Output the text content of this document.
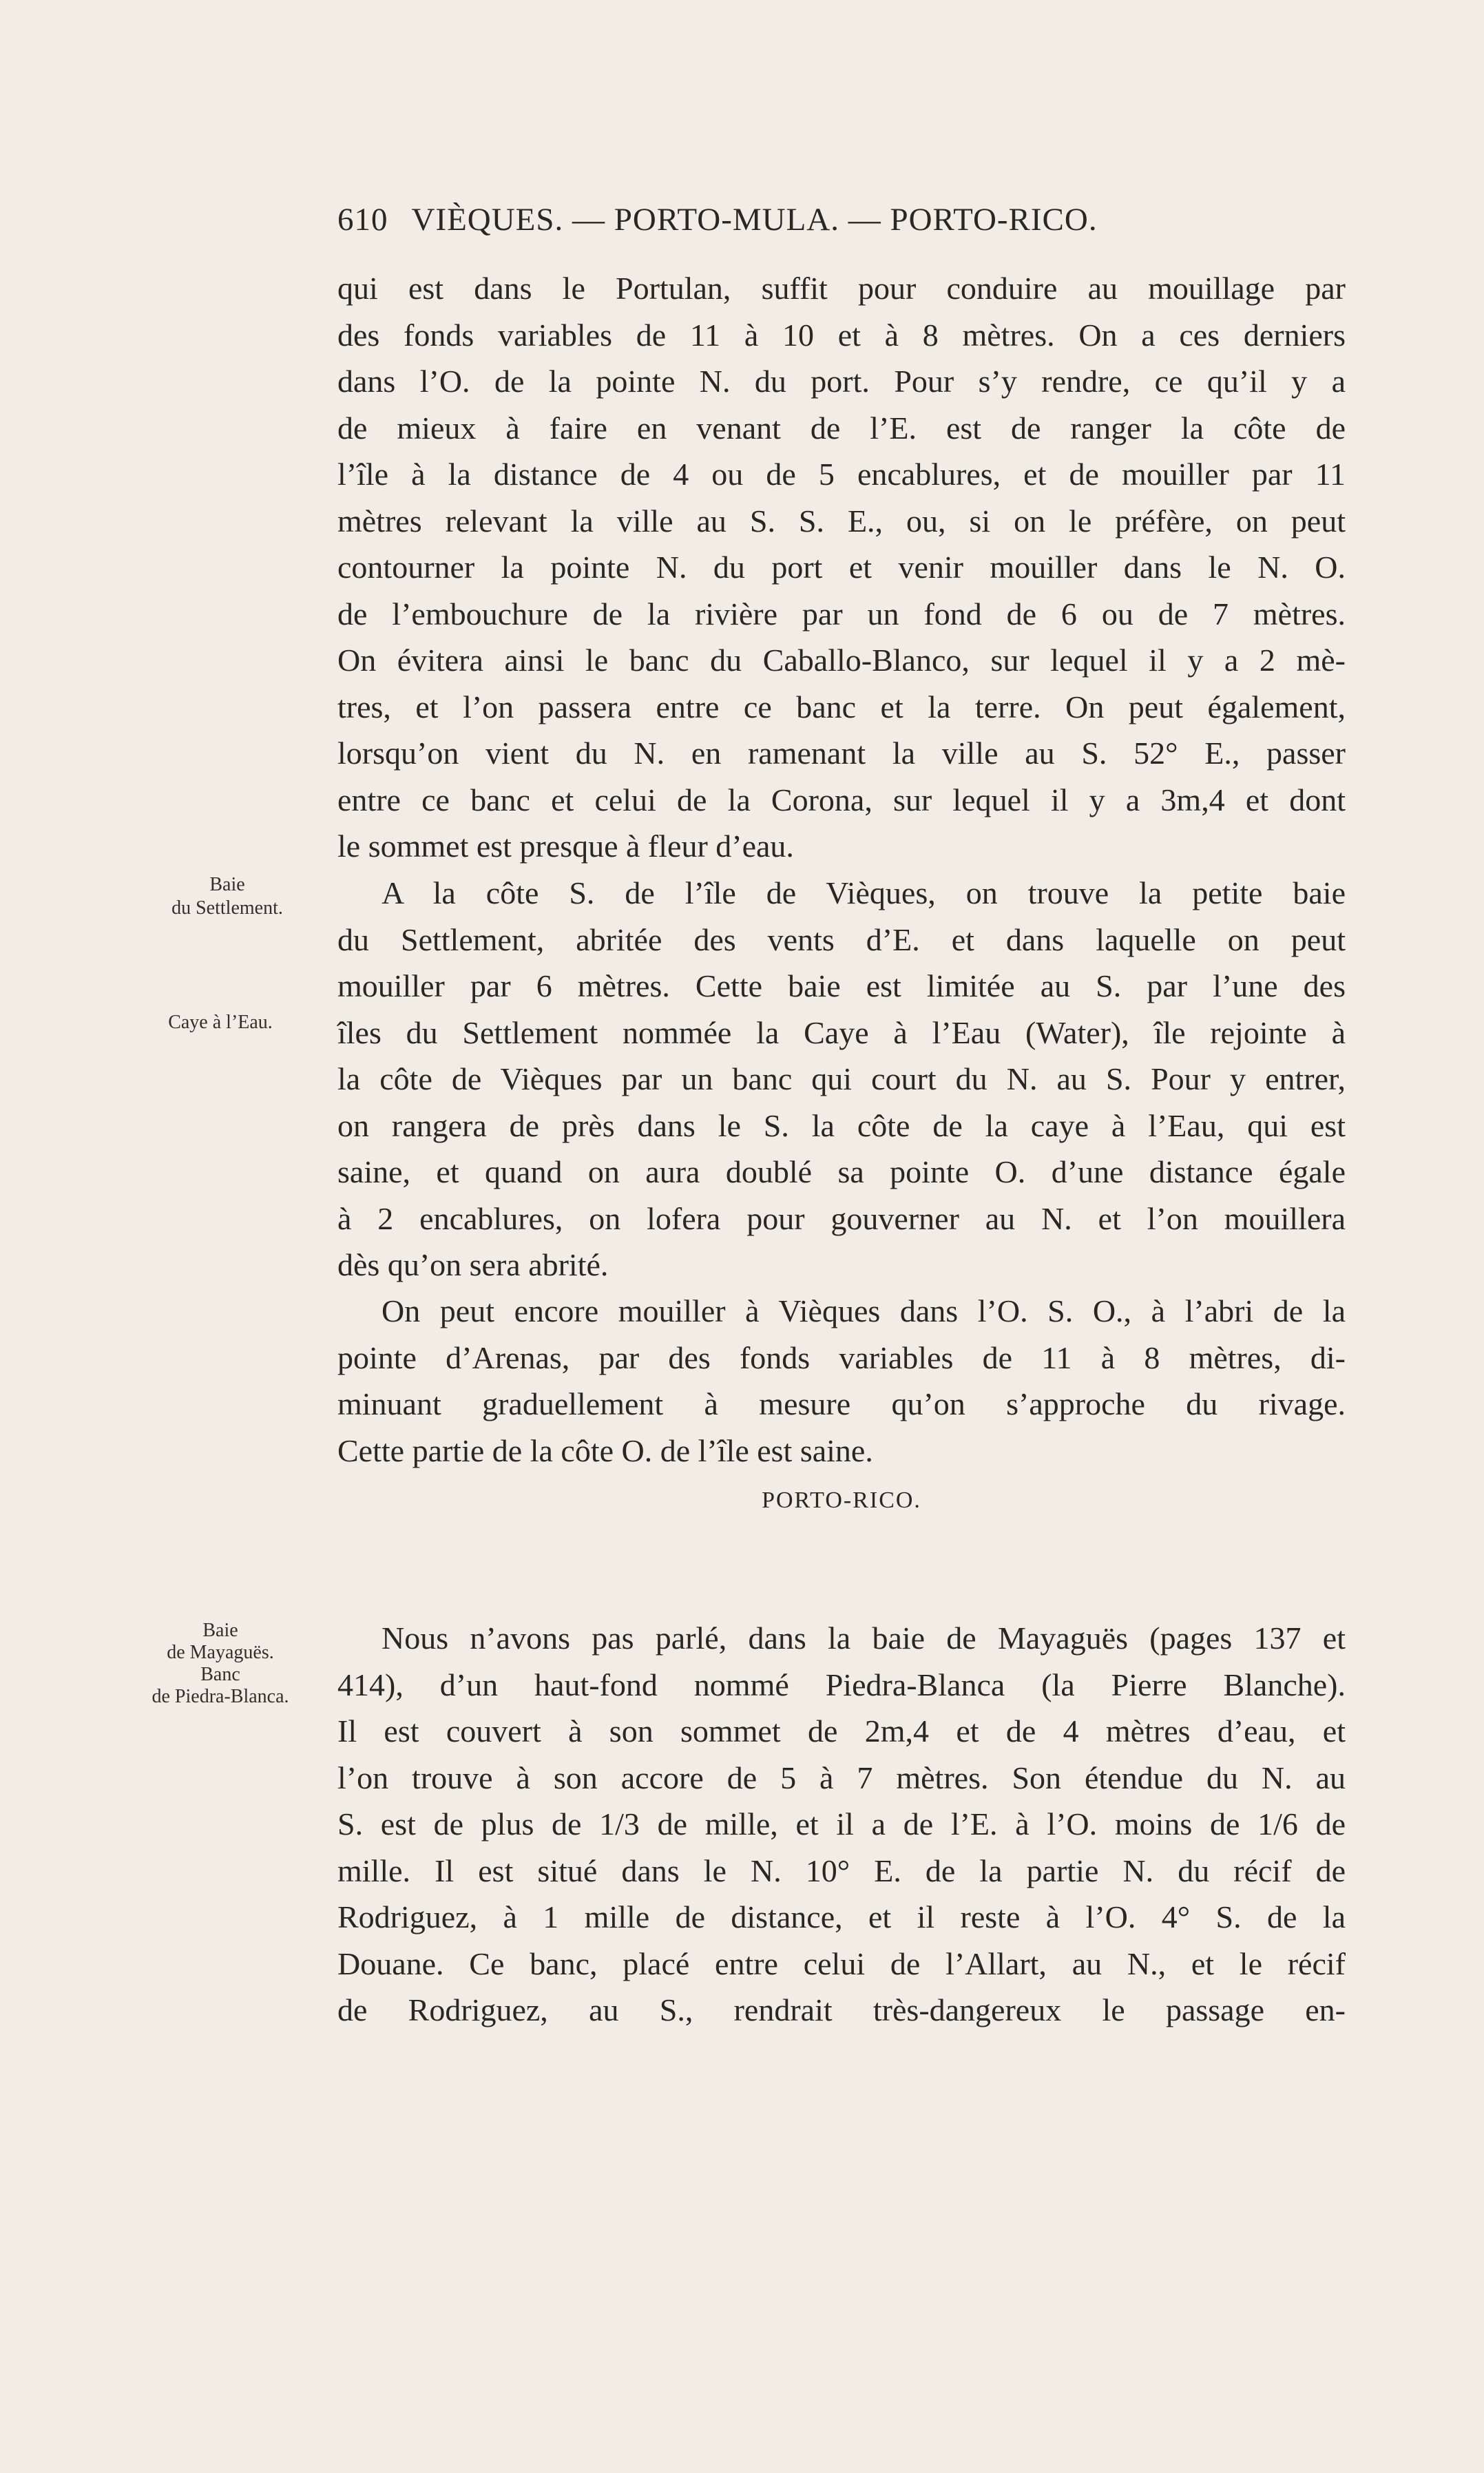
610 VIÈQUES. — PORTO-MULA. — PORTO-RICO.
qui est dans le Portulan, suffit pour conduire au mouillage par
des fonds variables de 11 à 10 et à 8 mètres. On a ces derniers
dans l’O. de la pointe N. du port. Pour s’y rendre, ce qu’il y a
de mieux à faire en venant de l’E. est de ranger la côte de
l’île à la distance de 4 ou de 5 encablures, et de mouiller par 11
mètres relevant la ville au S. S. E., ou, si on le préfère, on peut
contourner la pointe N. du port et venir mouiller dans le N. O.
de l’embouchure de la rivière par un fond de 6 ou de 7 mètres.
On évitera ainsi le banc du Caballo-Blanco, sur lequel il y a 2 mè-
tres, et l’on passera entre ce banc et la terre. On peut également,
lorsqu’on vient du N. en ramenant la ville au S. 52° E., passer
entre ce banc et celui de la Corona, sur lequel il y a 3m,4 et dont
le sommet est presque à fleur d’eau.
A la côte S. de l’île de Vièques, on trouve la petite baie
du Settlement, abritée des vents d’E. et dans laquelle on peut
mouiller par 6 mètres. Cette baie est limitée au S. par l’une des
îles du Settlement nommée la Caye à l’Eau (Water), île rejointe à
la côte de Vièques par un banc qui court du N. au S. Pour y entrer,
on rangera de près dans le S. la côte de la caye à l’Eau, qui est
saine, et quand on aura doublé sa pointe O. d’une distance égale
à 2 encablures, on lofera pour gouverner au N. et l’on mouillera
dès qu’on sera abrité.
On peut encore mouiller à Vièques dans l’O. S. O., à l’abri de la
pointe d’Arenas, par des fonds variables de 11 à 8 mètres, di-
minuant graduellement à mesure qu’on s’approche du rivage.
Cette partie de la côte O. de l’île est saine.
PORTO-RICO.
Nous n’avons pas parlé, dans la baie de Mayaguës (pages 137 et
414), d’un haut-fond nommé Piedra-Blanca (la Pierre Blanche).
Il est couvert à son sommet de 2m,4 et de 4 mètres d’eau, et
l’on trouve à son accore de 5 à 7 mètres. Son étendue du N. au
S. est de plus de 1/3 de mille, et il a de l’E. à l’O. moins de 1/6 de
mille. Il est situé dans le N. 10° E. de la partie N. du récif de
Rodriguez, à 1 mille de distance, et il reste à l’O. 4° S. de la
Douane. Ce banc, placé entre celui de l’Allart, au N., et le récif
de Rodriguez, au S., rendrait très-dangereux le passage en-
Baie
du Settlement.
Caye à l’Eau.
Baie
de Mayaguës.
Banc
de Piedra-Blanca.
